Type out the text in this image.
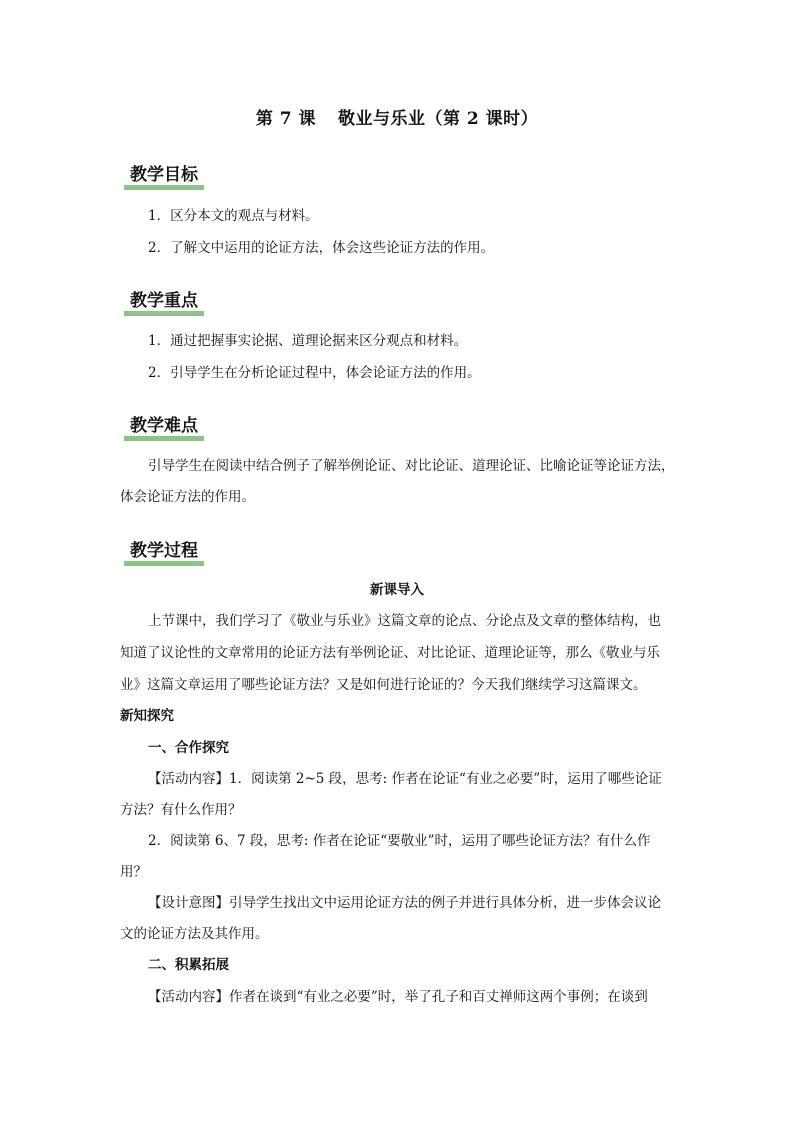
第 7 课 敬业与乐业（第 2 课时）
教学目标
1．区分本文的观点与材料。
2．了解文中运用的论证方法，体会这些论证方法的作用。
教学重点
1．通过把握事实论据、道理论据来区分观点和材料。
2．引导学生在分析论证过程中，体会论证方法的作用。
教学难点
引导学生在阅读中结合例子了解举例论证、对比论证、道理论证、比喻论证等论证方法，
体会论证方法的作用。
教学过程
新课导入
上节课中，我们学习了《敬业与乐业》这篇文章的论点、分论点及文章的整体结构，也
知道了议论性的文章常用的论证方法有举例论证、对比论证、道理论证等，那么《敬业与乐
业》这篇文章运用了哪些论证方法？又是如何进行论证的？今天我们继续学习这篇课文。
新知探究
一、合作探究
【活动内容】1．阅读第 2~5 段，思考: 作者在论证“有业之必要”时，运用了哪些论证
方法？有什么作用？
2．阅读第 6、7 段，思考: 作者在论证“要敬业”时，运用了哪些论证方法？有什么作
用？
【设计意图】引导学生找出文中运用论证方法的例子并进行具体分析，进一步体会议论
文的论证方法及其作用。
二、积累拓展
【活动内容】作者在谈到“有业之必要”时，举了孔子和百丈禅师这两个事例；在谈到
